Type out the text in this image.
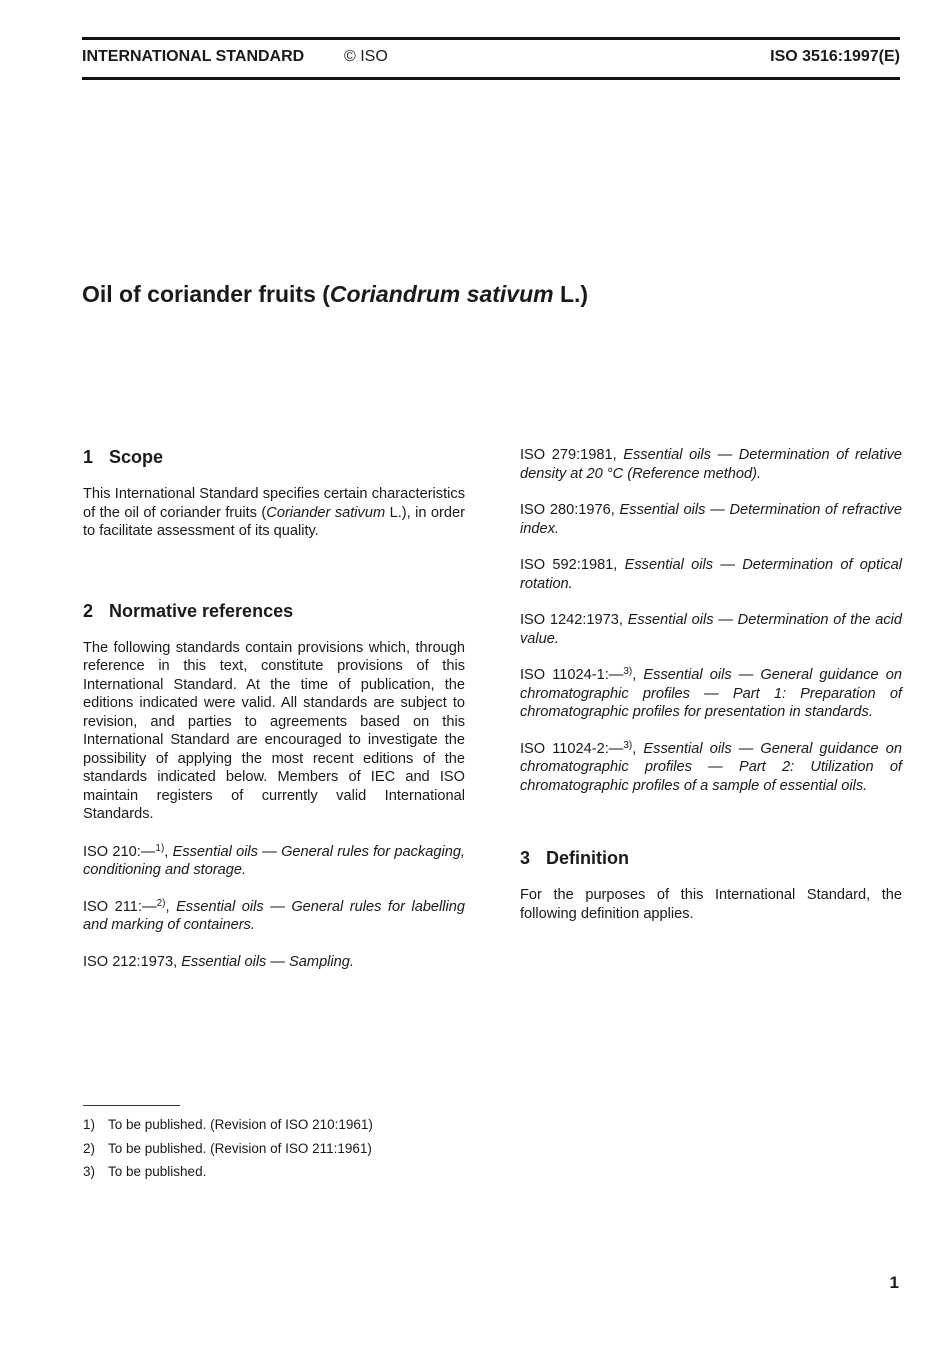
INTERNATIONAL STANDARD © ISO	ISO 3516:1997(E)
Oil of coriander fruits (Coriandrum sativum L.)
1 Scope

This International Standard specifies certain characteristics of the oil of coriander fruits (Coriander sativum L.), in order to facilitate assessment of its quality.

2 Normative references

The following standards contain provisions which, through reference in this text, constitute provisions of this International Standard. At the time of publication, the editions indicated were valid. All standards are subject to revision, and parties to agreements based on this International Standard are encouraged to investigate the possibility of applying the most recent editions of the standards indicated below. Members of IEC and ISO maintain registers of currently valid International Standards.

ISO 210:—$^{1)}$, Essential oils — General rules for packaging, conditioning and storage.

ISO 211:—$^{2)}$, Essential oils — General rules for labelling and marking of containers.

ISO 212:1973, Essential oils — Sampling.

ISO 279:1981, Essential oils — Determination of relative density at 20 °C (Reference method).

ISO 280:1976, Essential oils — Determination of refractive index.

ISO 592:1981, Essential oils — Determination of optical rotation.

ISO 1242:1973, Essential oils — Determination of the acid value.

ISO 11024-1:—$^{3)}$, Essential oils — General guidance on chromatographic profiles — Part 1: Preparation of chromatographic profiles for presentation in standards.

ISO 11024-2:—$^{3)}$, Essential oils — General guidance on chromatographic profiles — Part 2: Utilization of chromatographic profiles of a sample of essential oils.

3 Definition

For the purposes of this International Standard, the following definition applies.

1) To be published. (Revision of ISO 210:1961)
2) To be published. (Revision of ISO 211:1961)
3) To be published.
1
